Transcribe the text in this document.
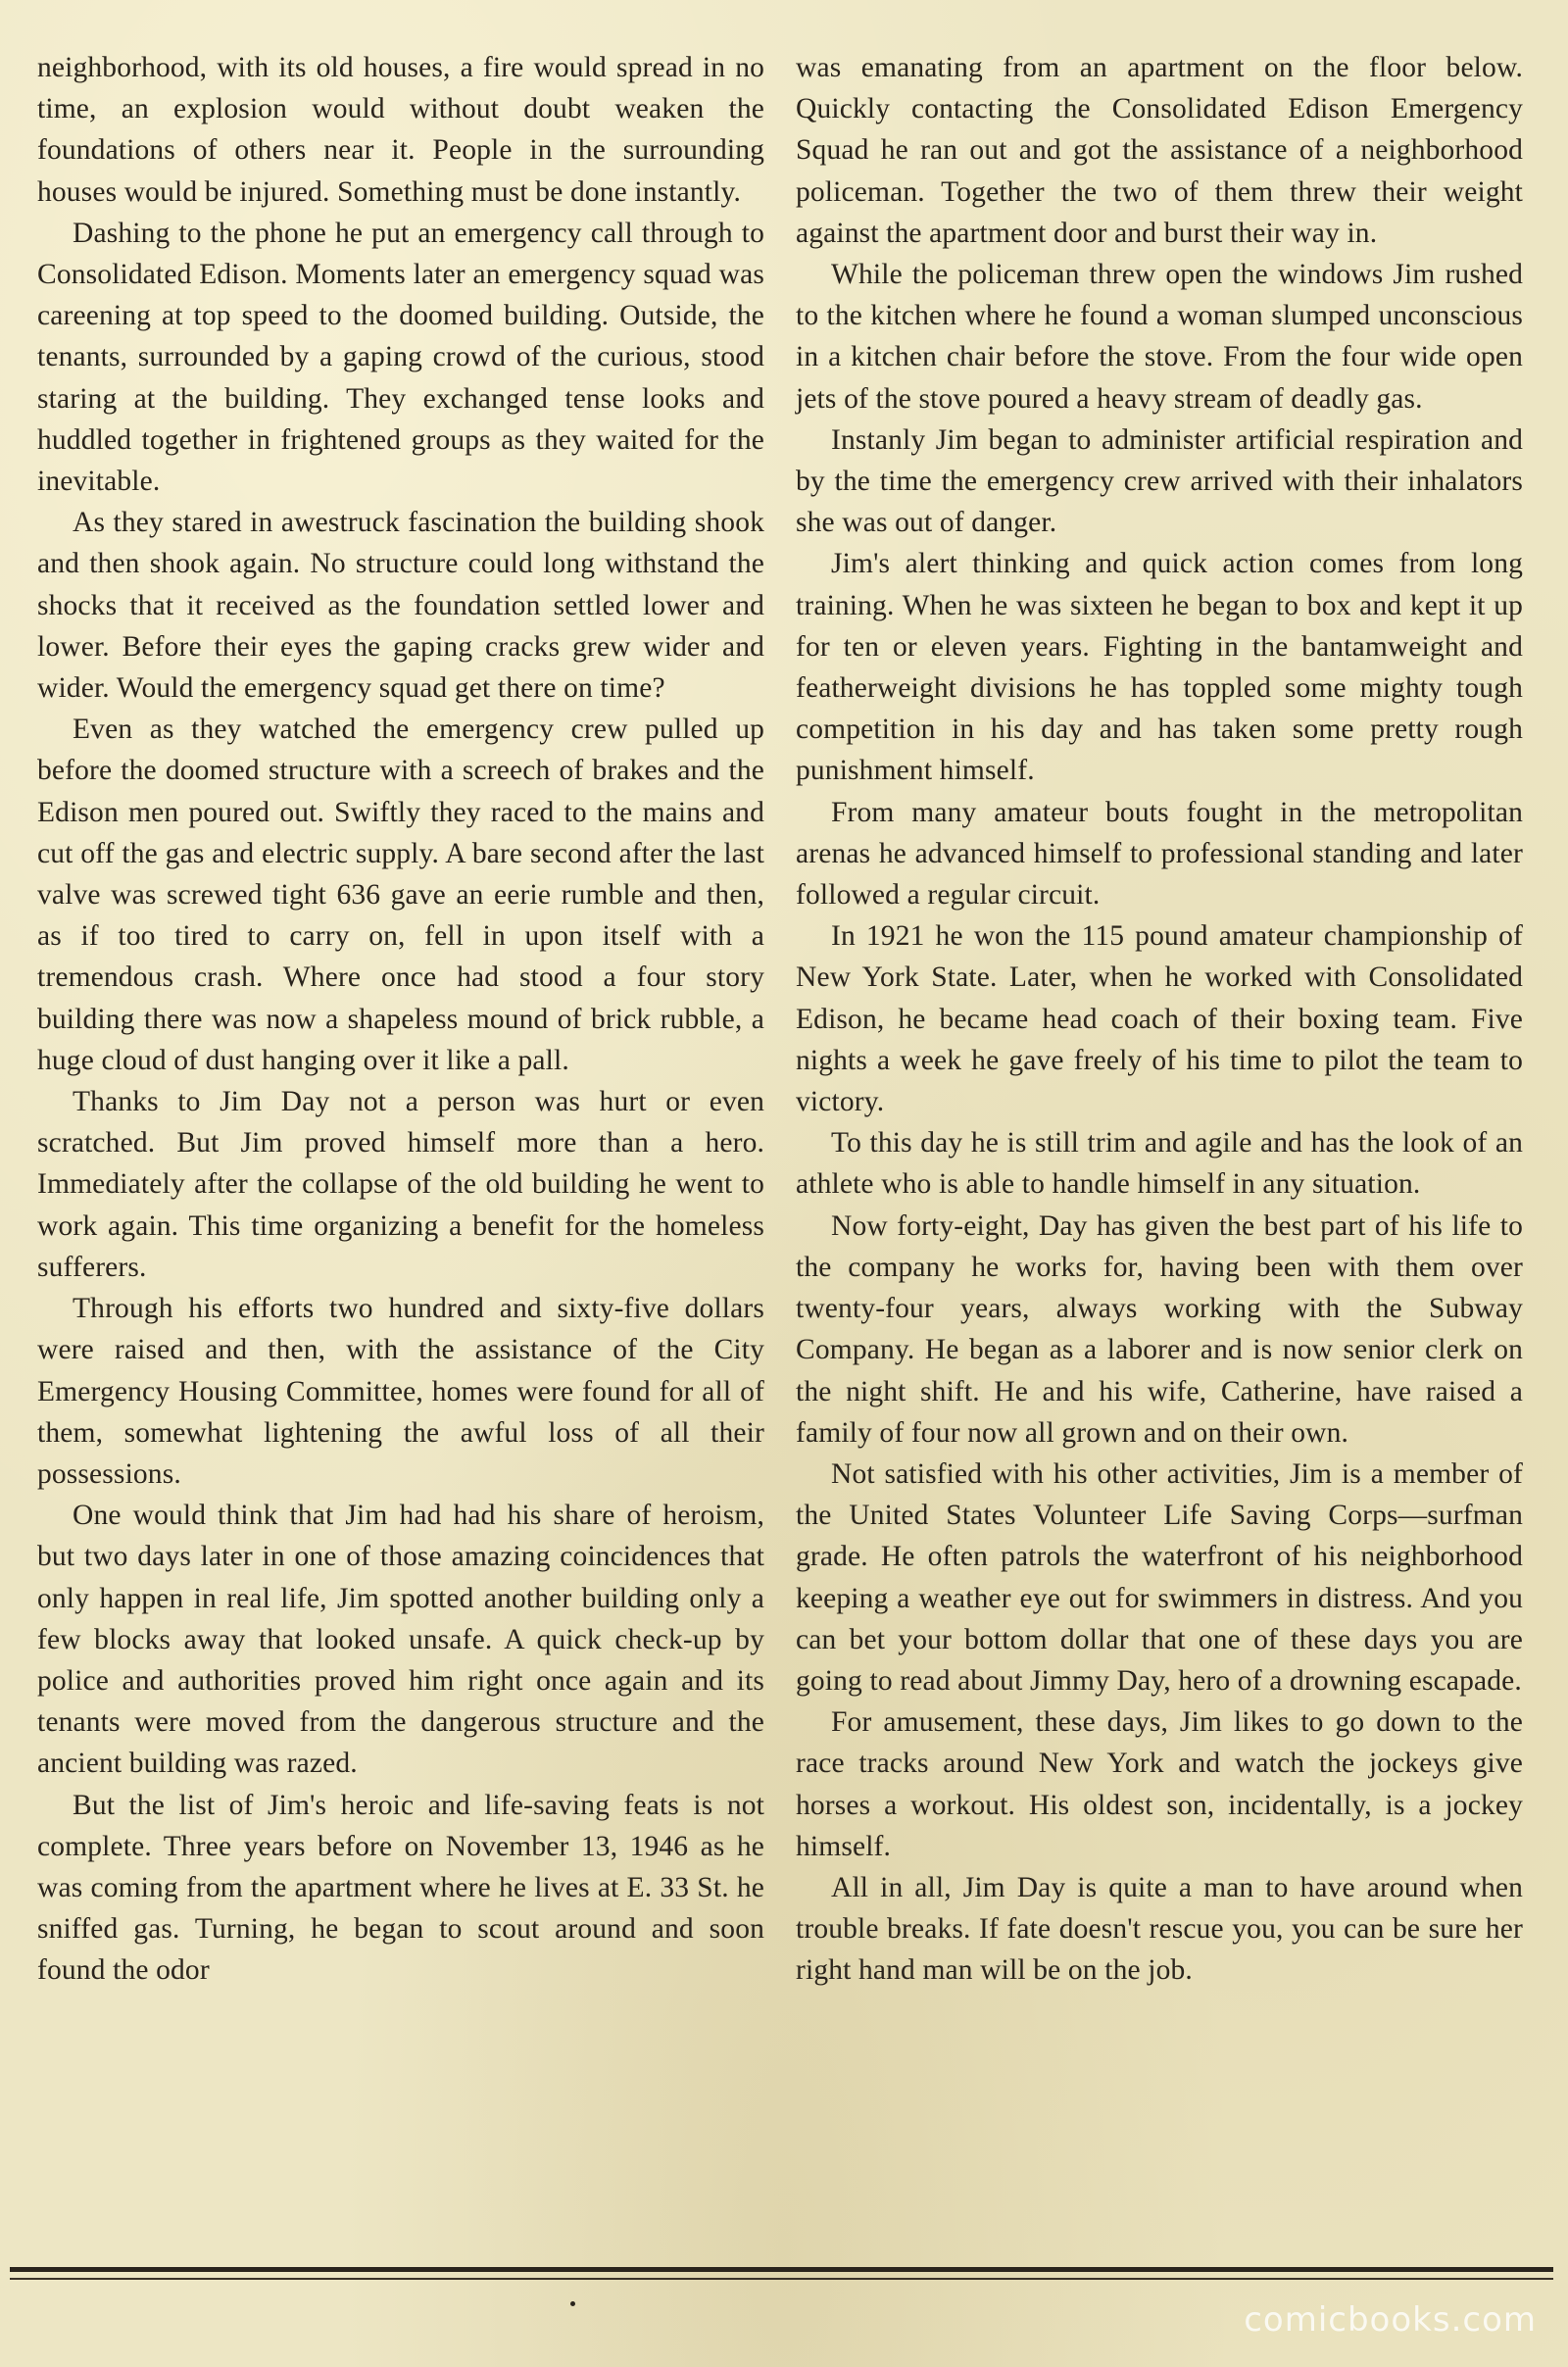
neighborhood, with its old houses, a fire would spread in no time, an explosion would without doubt weaken the foundations of others near it. People in the surrounding houses would be injured. Something must be done instantly.

Dashing to the phone he put an emergency call through to Consolidated Edison. Moments later an emergency squad was careening at top speed to the doomed building. Outside, the tenants, surrounded by a gaping crowd of the curious, stood staring at the building. They exchanged tense looks and huddled together in frightened groups as they waited for the inevitable.

As they stared in awestruck fascination the building shook and then shook again. No structure could long withstand the shocks that it received as the foundation settled lower and lower. Before their eyes the gaping cracks grew wider and wider. Would the emergency squad get there on time?

Even as they watched the emergency crew pulled up before the doomed structure with a screech of brakes and the Edison men poured out. Swiftly they raced to the mains and cut off the gas and electric supply. A bare second after the last valve was screwed tight 636 gave an eerie rumble and then, as if too tired to carry on, fell in upon itself with a tremendous crash. Where once had stood a four story building there was now a shapeless mound of brick rubble, a huge cloud of dust hanging over it like a pall.

Thanks to Jim Day not a person was hurt or even scratched. But Jim proved himself more than a hero. Immediately after the collapse of the old building he went to work again. This time organizing a benefit for the homeless sufferers.

Through his efforts two hundred and sixty-five dollars were raised and then, with the assistance of the City Emergency Housing Committee, homes were found for all of them, somewhat lightening the awful loss of all their possessions.

One would think that Jim had had his share of heroism, but two days later in one of those amazing coincidences that only happen in real life, Jim spotted another building only a few blocks away that looked unsafe. A quick check-up by police and authorities proved him right once again and its tenants were moved from the dangerous structure and the ancient building was razed.

But the list of Jim's heroic and life-saving feats is not complete. Three years before on November 13, 1946 as he was coming from the apartment where he lives at E. 33 St. he sniffed gas. Turning, he began to scout around and soon found the odor

was emanating from an apartment on the floor below. Quickly contacting the Consolidated Edison Emergency Squad he ran out and got the assistance of a neighborhood policeman. Together the two of them threw their weight against the apartment door and burst their way in.

While the policeman threw open the windows Jim rushed to the kitchen where he found a woman slumped unconscious in a kitchen chair before the stove. From the four wide open jets of the stove poured a heavy stream of deadly gas.

Instanly Jim began to administer artificial respiration and by the time the emergency crew arrived with their inhalators she was out of danger.

Jim's alert thinking and quick action comes from long training. When he was sixteen he began to box and kept it up for ten or eleven years. Fighting in the bantamweight and featherweight divisions he has toppled some mighty tough competition in his day and has taken some pretty rough punishment himself.

From many amateur bouts fought in the metropolitan arenas he advanced himself to professional standing and later followed a regular circuit.

In 1921 he won the 115 pound amateur championship of New York State. Later, when he worked with Consolidated Edison, he became head coach of their boxing team. Five nights a week he gave freely of his time to pilot the team to victory.

To this day he is still trim and agile and has the look of an athlete who is able to handle himself in any situation.

Now forty-eight, Day has given the best part of his life to the company he works for, having been with them over twenty-four years, always working with the Subway Company. He began as a laborer and is now senior clerk on the night shift. He and his wife, Catherine, have raised a family of four now all grown and on their own.

Not satisfied with his other activities, Jim is a member of the United States Volunteer Life Saving Corps—surfman grade. He often patrols the waterfront of his neighborhood keeping a weather eye out for swimmers in distress. And you can bet your bottom dollar that one of these days you are going to read about Jimmy Day, hero of a drowning escapade.

For amusement, these days, Jim likes to go down to the race tracks around New York and watch the jockeys give horses a workout. His oldest son, incidentally, is a jockey himself.

All in all, Jim Day is quite a man to have around when trouble breaks. If fate doesn't rescue you, you can be sure her right hand man will be on the job.

comicbooks.com
